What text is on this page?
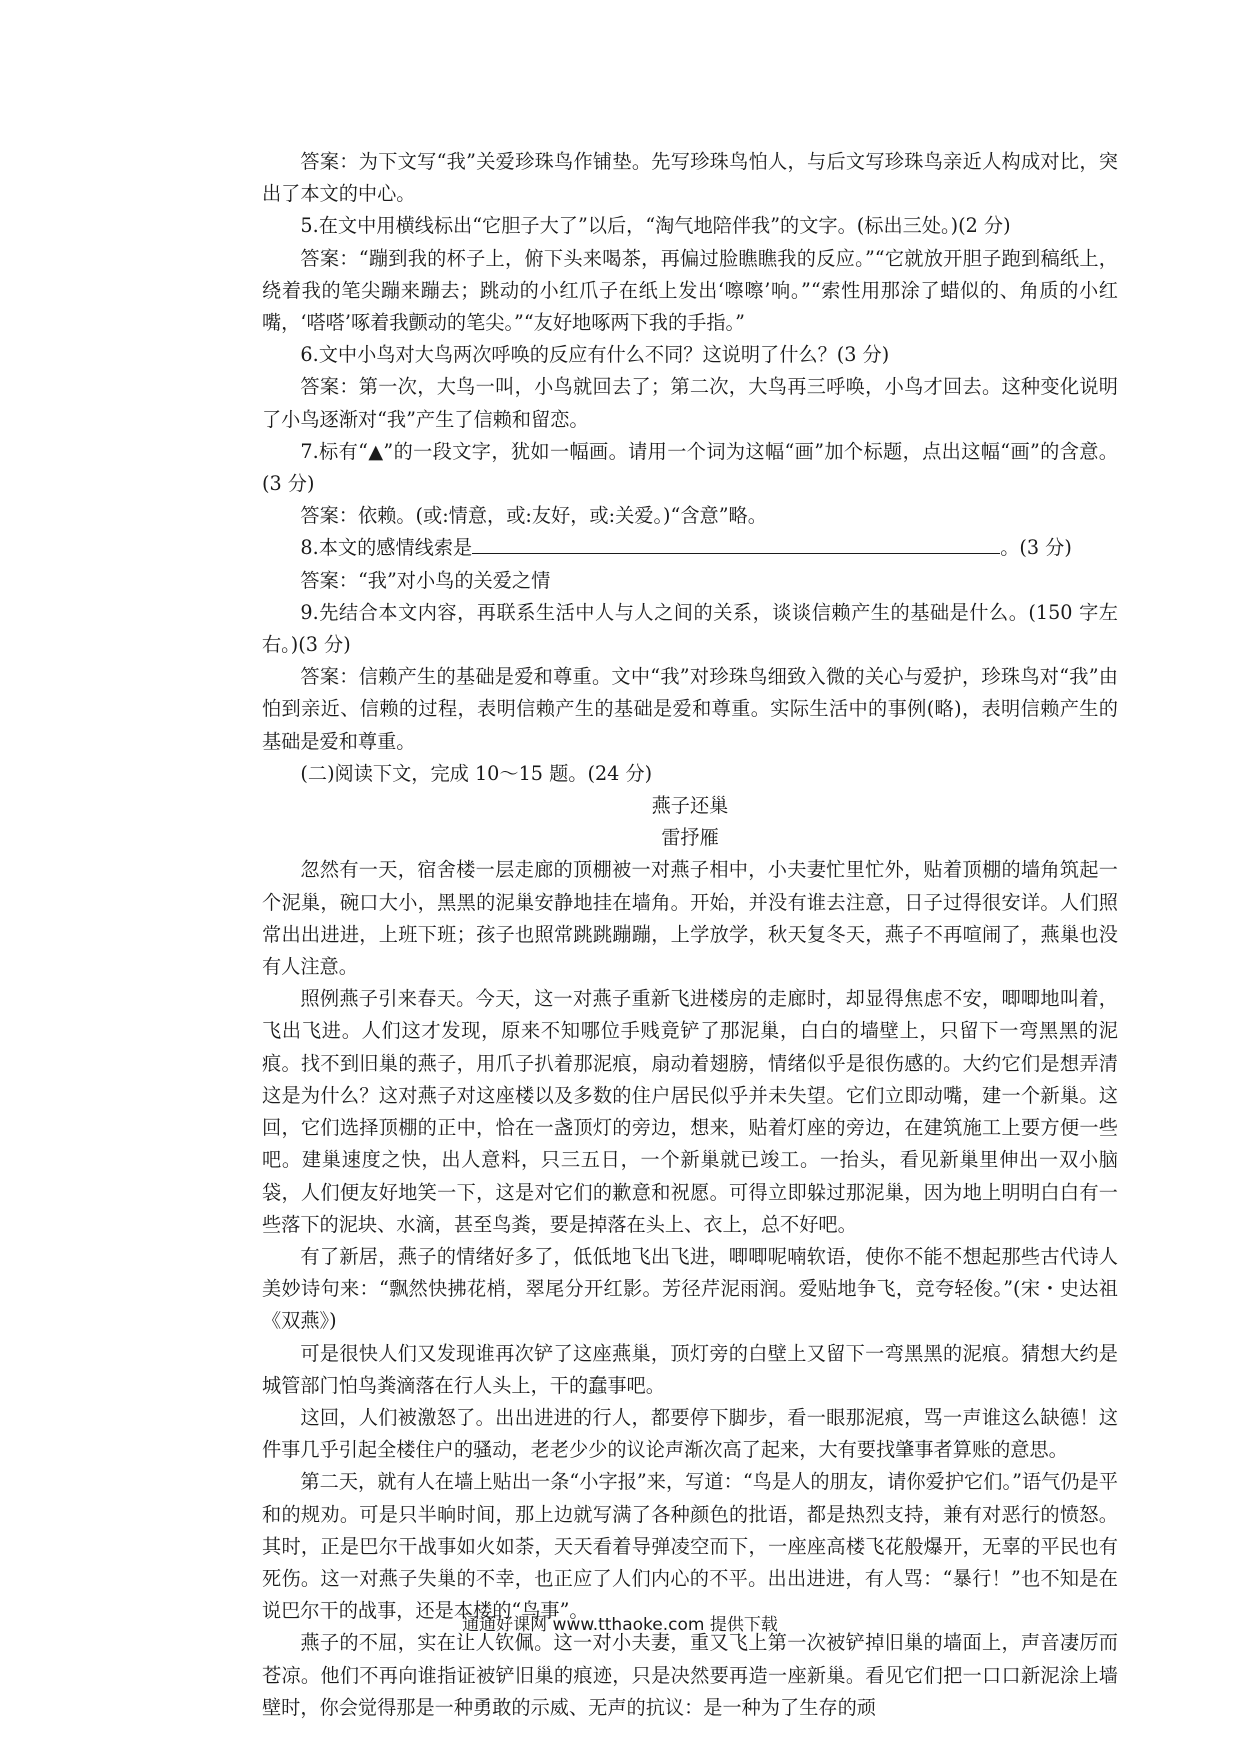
答案：为下文写“我”关爱珍珠鸟作铺垫。先写珍珠鸟怕人，与后文写珍珠鸟亲近人构成对比，突出了本文的中心。

5.在文中用横线标出“它胆子大了”以后，“淘气地陪伴我”的文字。(标出三处。)(2 分)

答案：“蹦到我的杯子上，俯下头来喝茶，再偏过脸瞧瞧我的反应。”“它就放开胆子跑到稿纸上，绕着我的笔尖蹦来蹦去；跳动的小红爪子在纸上发出‘嚓嚓’响。”“索性用那涂了蜡似的、角质的小红嘴，‘嗒嗒’啄着我颤动的笔尖。”“友好地啄两下我的手指。”

6.文中小鸟对大鸟两次呼唤的反应有什么不同？这说明了什么？(3 分)

答案：第一次，大鸟一叫，小鸟就回去了；第二次，大鸟再三呼唤，小鸟才回去。这种变化说明了小鸟逐渐对“我”产生了信赖和留恋。

7.标有“▲”的一段文字，犹如一幅画。请用一个词为这幅“画”加个标题，点出这幅“画”的含意。(3 分)

答案：依赖。(或:情意，或:友好，或:关爱。)“含意”略。

8.本文的感情线索是	。(3 分)

答案：“我”对小鸟的关爱之情

9.先结合本文内容，再联系生活中人与人之间的关系，谈谈信赖产生的基础是什么。(150 字左右。)(3 分)

答案：信赖产生的基础是爱和尊重。文中“我”对珍珠鸟细致入微的关心与爱护，珍珠鸟对“我”由怕到亲近、信赖的过程，表明信赖产生的基础是爱和尊重。实际生活中的事例(略)，表明信赖产生的基础是爱和尊重。

(二)阅读下文，完成 10～15 题。(24 分)

燕子还巢

雷抒雁

忽然有一天，宿舍楼一层走廊的顶棚被一对燕子相中，小夫妻忙里忙外，贴着顶棚的墙角筑起一个泥巢，碗口大小，黑黑的泥巢安静地挂在墙角。开始，并没有谁去注意，日子过得很安详。人们照常出出进进，上班下班；孩子也照常跳跳蹦蹦，上学放学，秋天复冬天，燕子不再喧闹了，燕巢也没有人注意。

照例燕子引来春天。今天，这一对燕子重新飞进楼房的走廊时，却显得焦虑不安，唧唧地叫着，飞出飞进。人们这才发现，原来不知哪位手贱竟铲了那泥巢，白白的墙壁上，只留下一弯黑黑的泥痕。找不到旧巢的燕子，用爪子扒着那泥痕，扇动着翅膀，情绪似乎是很伤感的。大约它们是想弄清这是为什么？这对燕子对这座楼以及多数的住户居民似乎并未失望。它们立即动嘴，建一个新巢。这回，它们选择顶棚的正中，恰在一盏顶灯的旁边，想来，贴着灯座的旁边，在建筑施工上要方便一些吧。建巢速度之快，出人意料，只三五日，一个新巢就已竣工。一抬头，看见新巢里伸出一双小脑袋，人们便友好地笑一下，这是对它们的歉意和祝愿。可得立即躲过那泥巢，因为地上明明白白有一些落下的泥块、水滴，甚至鸟粪，要是掉落在头上、衣上，总不好吧。

有了新居，燕子的情绪好多了，低低地飞出飞进，唧唧呢喃软语，使你不能不想起那些古代诗人美妙诗句来：“飘然快拂花梢，翠尾分开红影。芳径芹泥雨润。爱贴地争飞，竞夸轻俊。”(宋・史达祖《双燕》)

可是很快人们又发现谁再次铲了这座燕巢，顶灯旁的白壁上又留下一弯黑黑的泥痕。猜想大约是城管部门怕鸟粪滴落在行人头上，干的蠢事吧。

这回，人们被激怒了。出出进进的行人，都要停下脚步，看一眼那泥痕，骂一声谁这么缺德！这件事几乎引起全楼住户的骚动，老老少少的议论声渐次高了起来，大有要找肇事者算账的意思。

第二天，就有人在墙上贴出一条“小字报”来，写道：“鸟是人的朋友，请你爱护它们。”语气仍是平和的规劝。可是只半晌时间，那上边就写满了各种颜色的批语，都是热烈支持，兼有对恶行的愤怒。其时，正是巴尔干战事如火如荼，天天看着导弹凌空而下，一座座高楼飞花般爆开，无辜的平民也有死伤。这一对燕子失巢的不幸，也正应了人们内心的不平。出出进进，有人骂：“暴行！”也不知是在说巴尔干的战事，还是本楼的“鸟事”。

燕子的不屈，实在让人钦佩。这一对小夫妻，重又飞上第一次被铲掉旧巢的墙面上，声音凄厉而苍凉。他们不再向谁指证被铲旧巢的痕迹，只是决然要再造一座新巢。看见它们把一口口新泥涂上墙壁时，你会觉得那是一种勇敢的示威、无声的抗议：是一种为了生存的顽

通通好课网 www.tthaoke.com 提供下载
